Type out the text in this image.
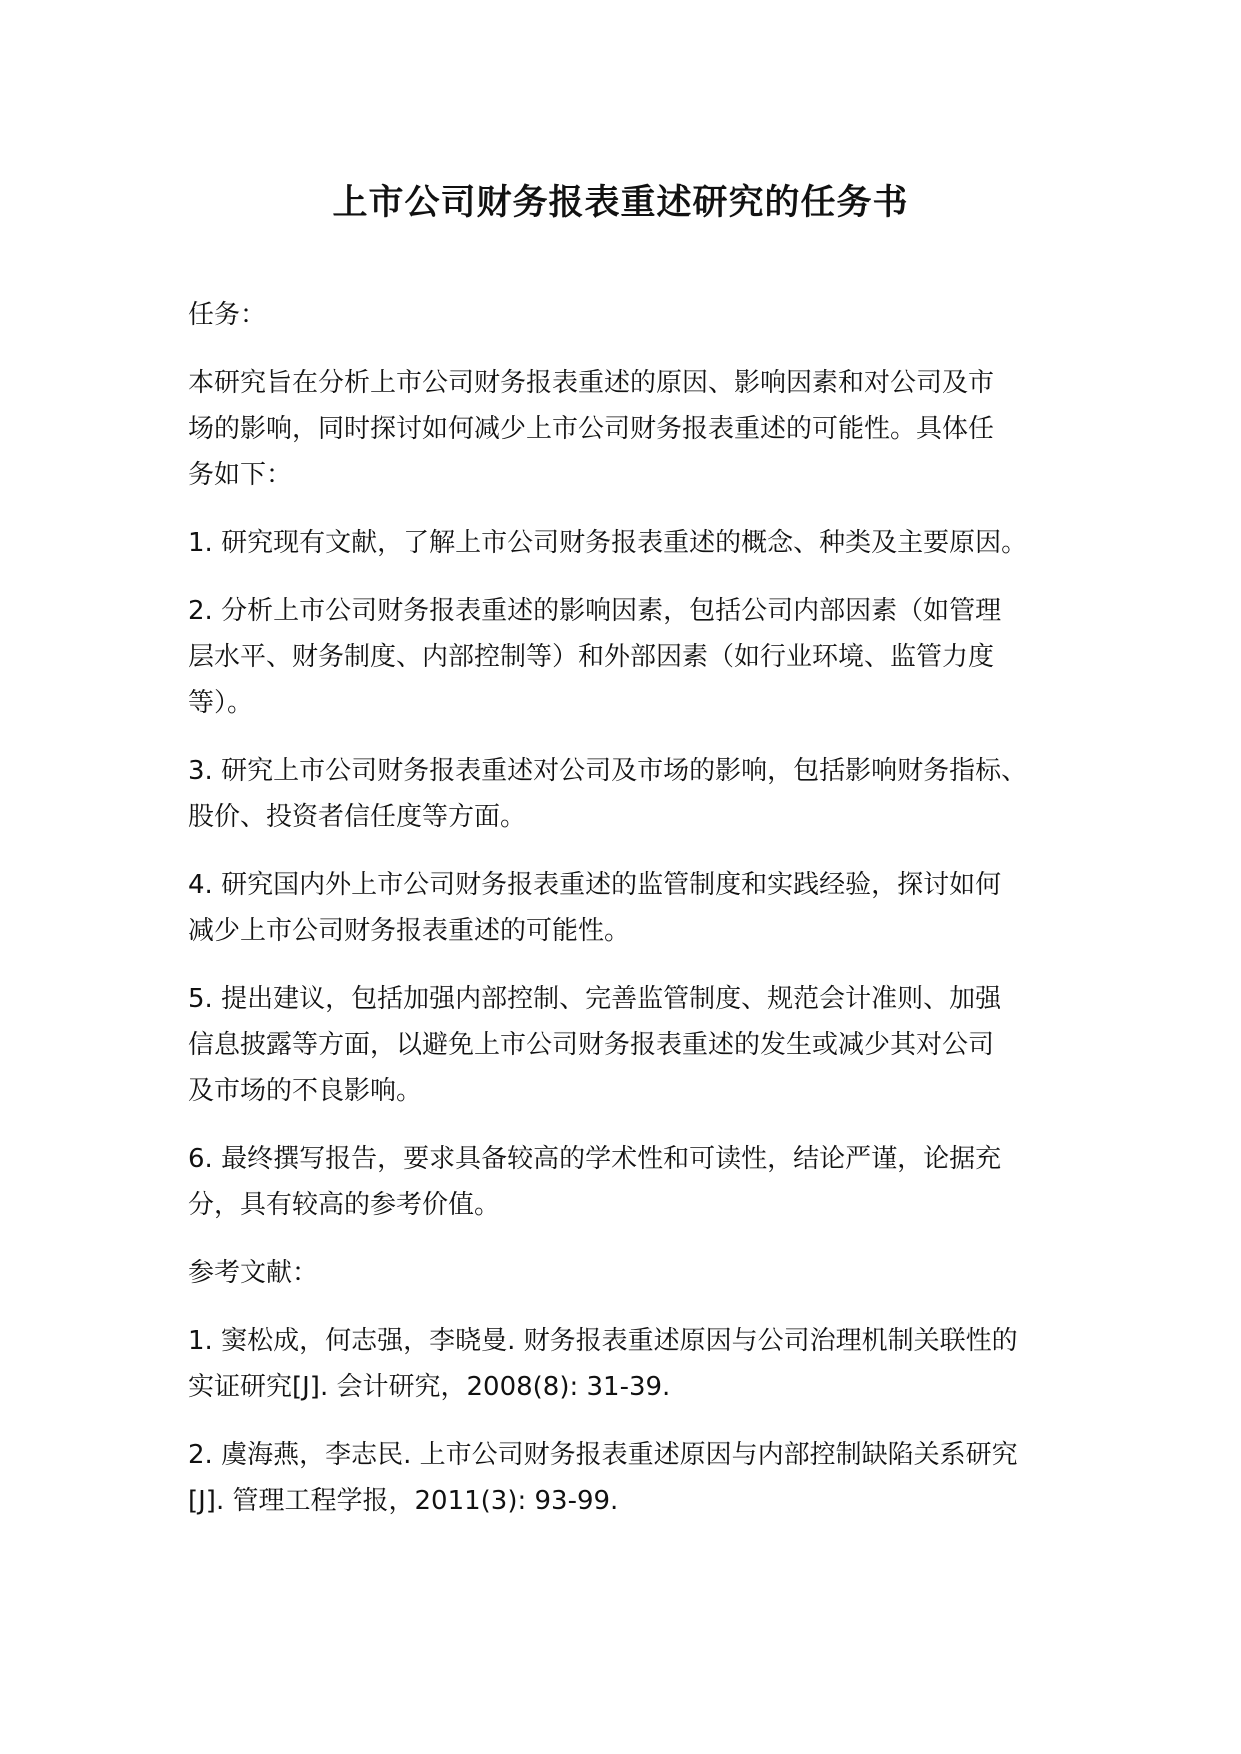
上市公司财务报表重述研究的任务书

任务：

本研究旨在分析上市公司财务报表重述的原因、影响因素和对公司及市
场的影响，同时探讨如何减少上市公司财务报表重述的可能性。具体任
务如下：

1. 研究现有文献，了解上市公司财务报表重述的概念、种类及主要原因。

2. 分析上市公司财务报表重述的影响因素，包括公司内部因素（如管理
层水平、财务制度、内部控制等）和外部因素（如行业环境、监管力度
等）。

3. 研究上市公司财务报表重述对公司及市场的影响，包括影响财务指标、
股价、投资者信任度等方面。

4. 研究国内外上市公司财务报表重述的监管制度和实践经验，探讨如何
减少上市公司财务报表重述的可能性。

5. 提出建议，包括加强内部控制、完善监管制度、规范会计准则、加强
信息披露等方面，以避免上市公司财务报表重述的发生或减少其对公司
及市场的不良影响。

6. 最终撰写报告，要求具备较高的学术性和可读性，结论严谨，论据充
分，具有较高的参考价值。

参考文献：

1. 窦松成，何志强，李晓曼. 财务报表重述原因与公司治理机制关联性的
实证研究[J]. 会计研究，2008(8): 31-39.

2. 虞海燕，李志民. 上市公司财务报表重述原因与内部控制缺陷关系研究
[J]. 管理工程学报，2011(3): 93-99.
